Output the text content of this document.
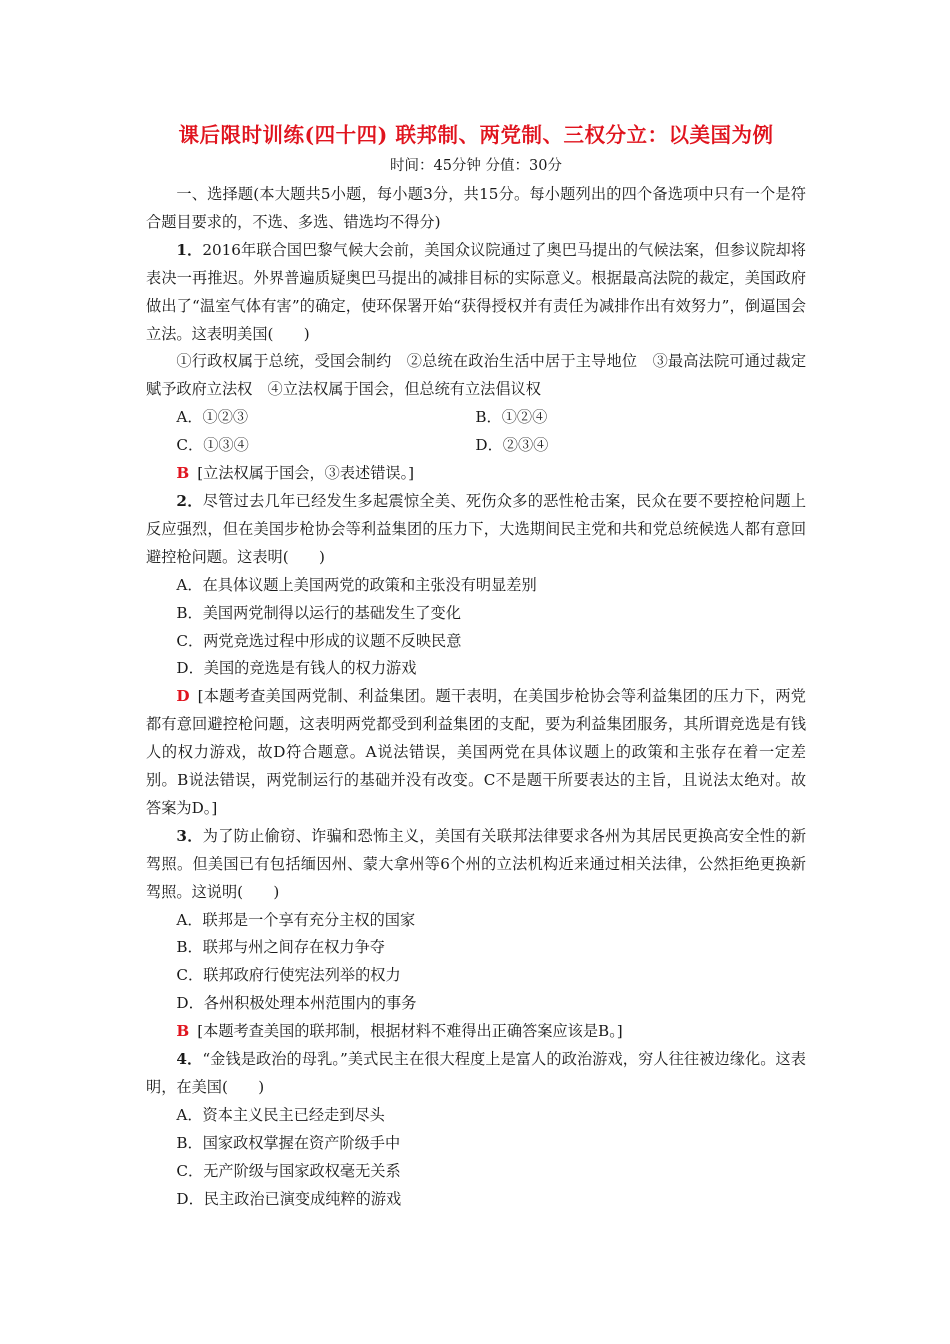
课后限时训练(四十四) 联邦制、两党制、三权分立：以美国为例
时间：45分钟 分值：30分

一、选择题(本大题共5小题，每小题3分，共15分。每小题列出的四个备选项中只有一个是符合题目要求的，不选、多选、错选均不得分)

1．2016年联合国巴黎气候大会前，美国众议院通过了奥巴马提出的气候法案，但参议院却将表决一再推迟。外界普遍质疑奥巴马提出的减排目标的实际意义。根据最高法院的裁定，美国政府做出了“温室气体有害”的确定，使环保署开始“获得授权并有责任为减排作出有效努力”，倒逼国会立法。这表明美国(　　)

①行政权属于总统，受国会制约　②总统在政治生活中居于主导地位　③最高法院可通过裁定赋予政府立法权　④立法权属于国会，但总统有立法倡议权

A．①②③	B．①②④
C．①③④	D．②③④

B [立法权属于国会，③表述错误。]

2．尽管过去几年已经发生多起震惊全美、死伤众多的恶性枪击案，民众在要不要控枪问题上反应强烈，但在美国步枪协会等利益集团的压力下，大选期间民主党和共和党总统候选人都有意回避控枪问题。这表明(　　)

A．在具体议题上美国两党的政策和主张没有明显差别

B．美国两党制得以运行的基础发生了变化

C．两党竞选过程中形成的议题不反映民意

D．美国的竞选是有钱人的权力游戏

D [本题考查美国两党制、利益集团。题干表明，在美国步枪协会等利益集团的压力下，两党都有意回避控枪问题，这表明两党都受到利益集团的支配，要为利益集团服务，其所谓竞选是有钱人的权力游戏，故D符合题意。A说法错误，美国两党在具体议题上的政策和主张存在着一定差别。B说法错误，两党制运行的基础并没有改变。C不是题干所要表达的主旨，且说法太绝对。故答案为D。]

3．为了防止偷窃、诈骗和恐怖主义，美国有关联邦法律要求各州为其居民更换高安全性的新驾照。但美国已有包括缅因州、蒙大拿州等6个州的立法机构近来通过相关法律，公然拒绝更换新驾照。这说明(　　)

A．联邦是一个享有充分主权的国家

B．联邦与州之间存在权力争夺

C．联邦政府行使宪法列举的权力

D．各州积极处理本州范围内的事务

B [本题考查美国的联邦制，根据材料不难得出正确答案应该是B。]

4．“金钱是政治的母乳。”美式民主在很大程度上是富人的政治游戏，穷人往往被边缘化。这表明，在美国(　　)

A．资本主义民主已经走到尽头

B．国家政权掌握在资产阶级手中

C．无产阶级与国家政权毫无关系

D．民主政治已演变成纯粹的游戏
